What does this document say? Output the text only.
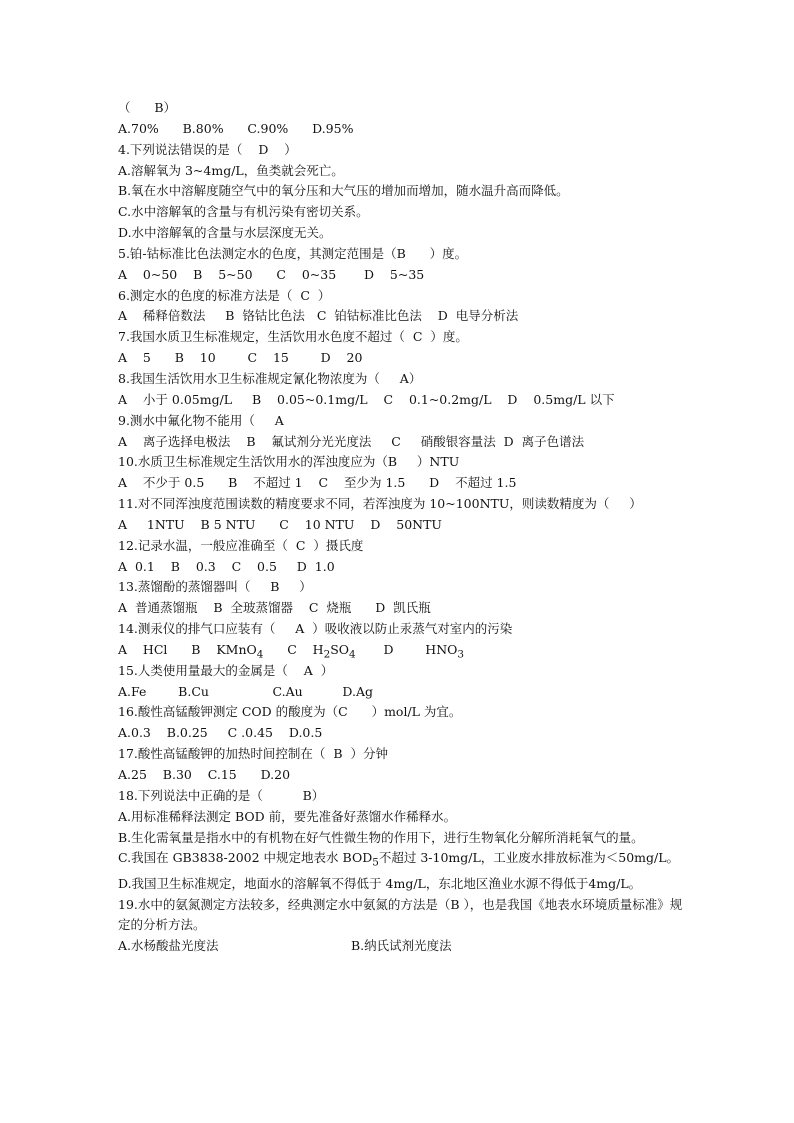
（      B）
A.70%      B.80%      C.90%      D.95%
4.下列说法错误的是（    D    ）
A.溶解氧为 3~4mg/L，鱼类就会死亡。
B.氧在水中溶解度随空气中的氧分压和大气压的增加而增加，随水温升高而降低。
C.水中溶解氧的含量与有机污染有密切关系。
D.水中溶解氧的含量与水层深度无关。
5.铂-钴标准比色法测定水的色度，其测定范围是（B      ）度。
A    0~50    B    5~50      C    0~35       D    5~35
6.测定水的色度的标准方法是（  C  ）
A    稀释倍数法     B  铬钴比色法   C  铂钴标准比色法    D  电导分析法
7.我国水质卫生标准规定，生活饮用水色度不超过（  C  ）度。
A    5      B    10        C    15        D    20
8.我国生活饮用水卫生标准规定氰化物浓度为（     A）
A    小于 0.05mg/L     B    0.05~0.1mg/L    C    0.1~0.2mg/L    D    0.5mg/L 以下
9.测水中氟化物不能用（     A
A    离子选择电极法    B    氟试剂分光光度法     C     硝酸银容量法  D  离子色谱法
10.水质卫生标准规定生活饮用水的浑浊度应为（B     ）NTU
A    不少于 0.5      B    不超过 1    C    至少为 1.5      D    不超过 1.5
11.对不同浑浊度范围读数的精度要求不同，若浑浊度为 10~100NTU，则读数精度为（     ）
A     1NTU    B 5 NTU      C    10 NTU    D    50NTU
12.记录水温，一般应准确至（  C  ）摄氏度
A  0.1    B    0.3    C    0.5     D  1.0
13.蒸馏酚的蒸馏器叫（     B     ）
A  普通蒸馏瓶    B  全玻蒸馏器    C  烧瓶      D  凯氏瓶
14.测汞仪的排气口应装有（     A  ）吸收液以防止汞蒸气对室内的污染
A    HCl B    KMnO$_4$ C    $H_2SO_4$ D	$HNO_3$
15.人类使用量最大的金属是（    A  ）
A.Fe        B.Cu                C.Au          D.Ag
16.酸性高锰酸钾测定 COD 的酸度为（C      ）mol/L 为宜。
A.0.3    B.0.25     C .0.45    D.0.5
17.酸性高锰酸钾的加热时间控制在（  B  ）分钟
A.25    B.30    C.15      D.20
18.下列说法中正确的是（          B）
A.用标准稀释法测定 BOD 前，要先准备好蒸馏水作稀释水。
B.生化需氧量是指水中的有机物在好气性微生物的作用下，进行生物氧化分解所消耗氧气的量。
C.我国在 GB3838-2002 中规定地表水 $BOD_5$不超过 3-10mg/L，工业废水排放标准为＜50mg/L。
D.我国卫生标准规定，地面水的溶解氧不得低于 4mg/L，东北地区渔业水源不得低于4mg/L。
19.水中的氨氮测定方法较多，经典测定水中氨氮的方法是（B ），也是我国《地表水环境质量标准》规定的分析方法。
A.水杨酸盐光度法	B.纳氏试剂光度法
